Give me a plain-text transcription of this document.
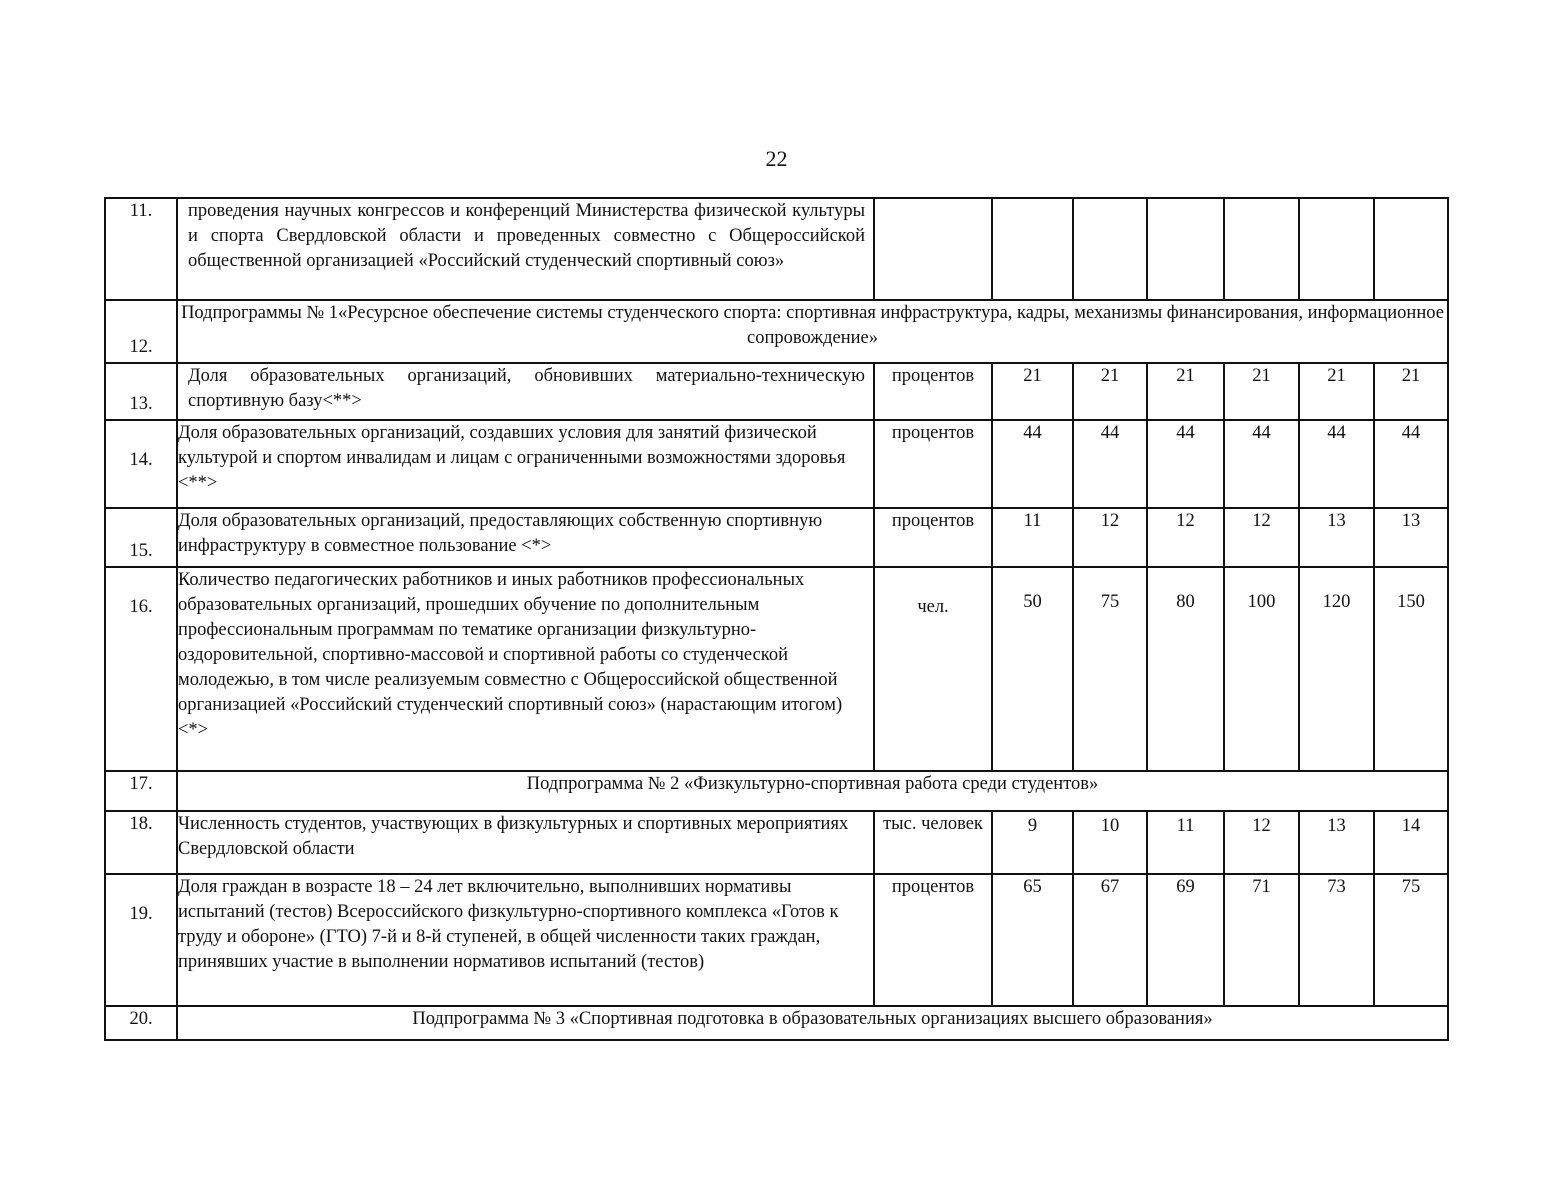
22
11.	проведения научных конгрессов и конференций Министерства физической культуры и спорта Свердловской области и проведенных совместно с Общероссийской общественной организацией «Российский студенческий спортивный союз»							
12.	Подпрограммы № 1«Ресурсное обеспечение системы студенческого спорта: спортивная инфраструктура, кадры, механизмы финансирования, информационное сопровождение»							
13.	Доля образовательных организаций, обновивших материально-техническую спортивную базу<**>	процентов	21	21	21	21	21	21
14.	Доля образовательных организаций, создавших условия для занятий физической культурой и спортом инвалидам и лицам с ограниченными возможностями здоровья <**>	процентов	44	44	44	44	44	44
15.	Доля образовательных организаций, предоставляющих собственную спортивную инфраструктуру в совместное пользование <*>	процентов	11	12	12	12	13	13
16.	Количество педагогических работников и иных работников профессиональных образовательных организаций, прошедших обучение по дополнительным профессиональным программам по тематике организации физкультурно-оздоровительной, спортивно-массовой и спортивной работы со студенческой молодежью, в том числе реализуемым совместно с Общероссийской общественной организацией «Российский студенческий спортивный союз» (нарастающим итогом) <*>	чел.	50	75	80	100	120	150
17.	Подпрограмма № 2 «Физкультурно-спортивная работа среди студентов»							
18.	Численность студентов, участвующих в физкультурных и спортивных мероприятиях Свердловской области	тыс. человек	9	10	11	12	13	14
19.	Доля граждан в возрасте 18 – 24 лет включительно, выполнивших нормативы испытаний (тестов) Всероссийского физкультурно-спортивного комплекса «Готов к труду и обороне» (ГТО) 7-й и 8-й ступеней, в общей численности таких граждан, принявших участие в выполнении нормативов испытаний (тестов)	процентов	65	67	69	71	73	75
20.	Подпрограмма № 3 «Спортивная подготовка в образовательных организациях высшего образования»							
